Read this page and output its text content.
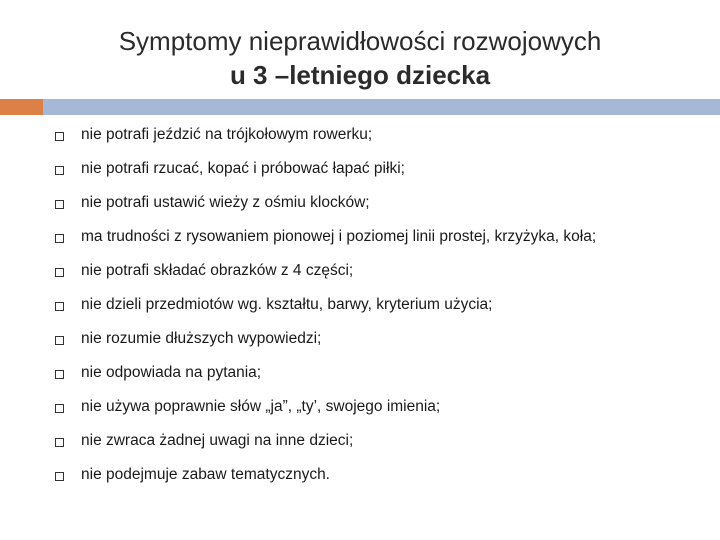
Symptomy nieprawidłowości rozwojowych
u 3 –letniego dziecka
nie potrafi jeździć na trójkołowym rowerku;
nie potrafi rzucać, kopać i próbować łapać piłki;
nie potrafi ustawić wieży z ośmiu klocków;
ma trudności z rysowaniem pionowej i poziomej linii prostej, krzyżyka, koła;
nie potrafi składać obrazków z 4 części;
nie dzieli przedmiotów wg. kształtu, barwy, kryterium użycia;
nie rozumie dłuższych wypowiedzi;
nie odpowiada na pytania;
nie używa poprawnie słów „ja”, „ty’, swojego imienia;
nie zwraca żadnej uwagi na inne dzieci;
nie podejmuje zabaw tematycznych.
